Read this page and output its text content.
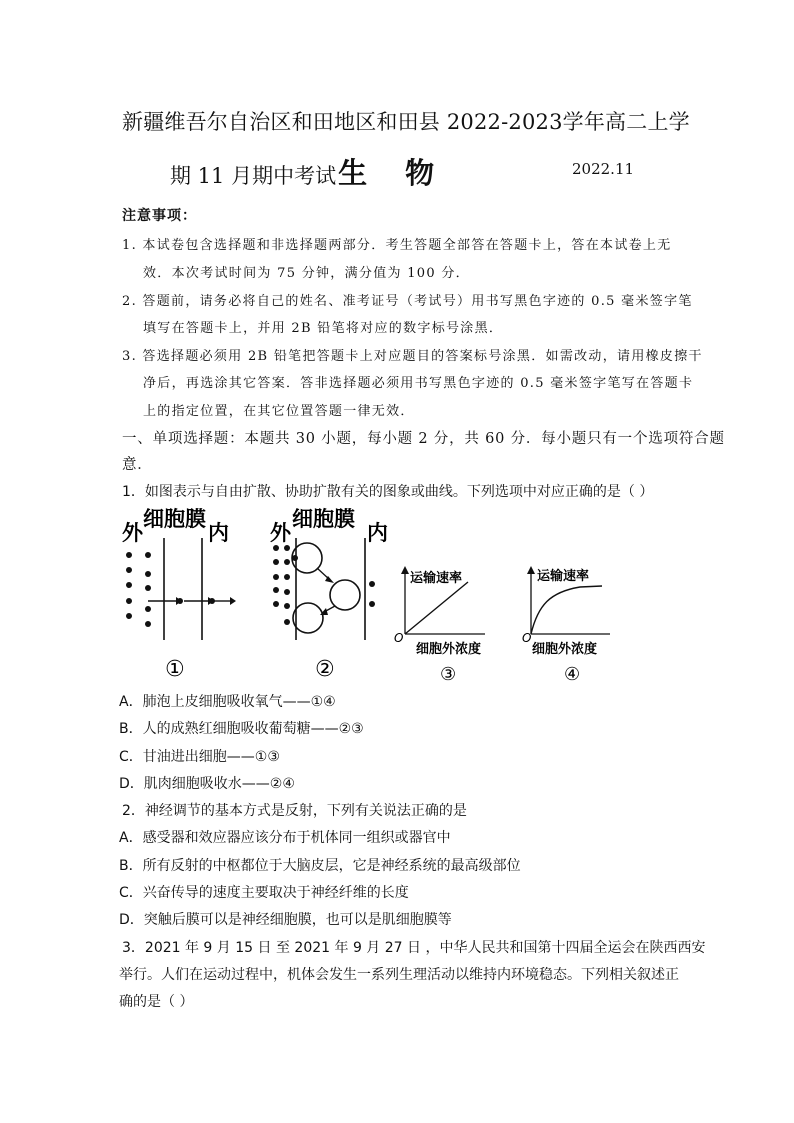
新疆维吾尔自治区和田地区和田县 2022-2023学年高二上学
期 11 月期中考试生 物	2022.11
注意事项：
1. 本试卷包含选择题和非选择题两部分．考生答题全部答在答题卡上，答在本试卷上无
效．本次考试时间为 75 分钟，满分值为 100 分．
2. 答题前，请务必将自己的姓名、准考证号（考试号）用书写黑色字迹的 0.5 毫米签字笔
填写在答题卡上，并用 2B 铅笔将对应的数字标号涂黑．
3. 答选择题必须用 2B 铅笔把答题卡上对应题目的答案标号涂黑．如需改动，请用橡皮擦干
净后，再选涂其它答案．答非选择题必须用书写黑色字迹的 0.5 毫米签字笔写在答题卡
上的指定位置，在其它位置答题一律无效．
一、单项选择题：本题共 30 小题，每小题 2 分，共 60 分．每小题只有一个选项符合题
意．
1．如图表示与自由扩散、协助扩散有关的图象或曲线。下列选项中对应正确的是（ ）
外
细胞膜
内
①
外
细胞膜
内
②
运输速率
细胞外浓度
O
③
运输速率
细胞外浓度
O
④
A．肺泡上皮细胞吸收氧气——①④
B．人的成熟红细胞吸收葡萄糖——②③
C．甘油进出细胞——①③
D．肌肉细胞吸收水——②④
2．神经调节的基本方式是反射，下列有关说法正确的是
A．感受器和效应器应该分布于机体同一组织或器官中
B．所有反射的中枢都位于大脑皮层，它是神经系统的最高级部位
C．兴奋传导的速度主要取决于神经纤维的长度
D．突触后膜可以是神经细胞膜，也可以是肌细胞膜等
3．2021 年 9 月 15 日 至 2021 年 9 月 27 日 ，中华人民共和国第十四届全运会在陕西西安
举行。人们在运动过程中，机体会发生一系列生理活动以维持内环境稳态。下列相关叙述正
确的是（ ）
